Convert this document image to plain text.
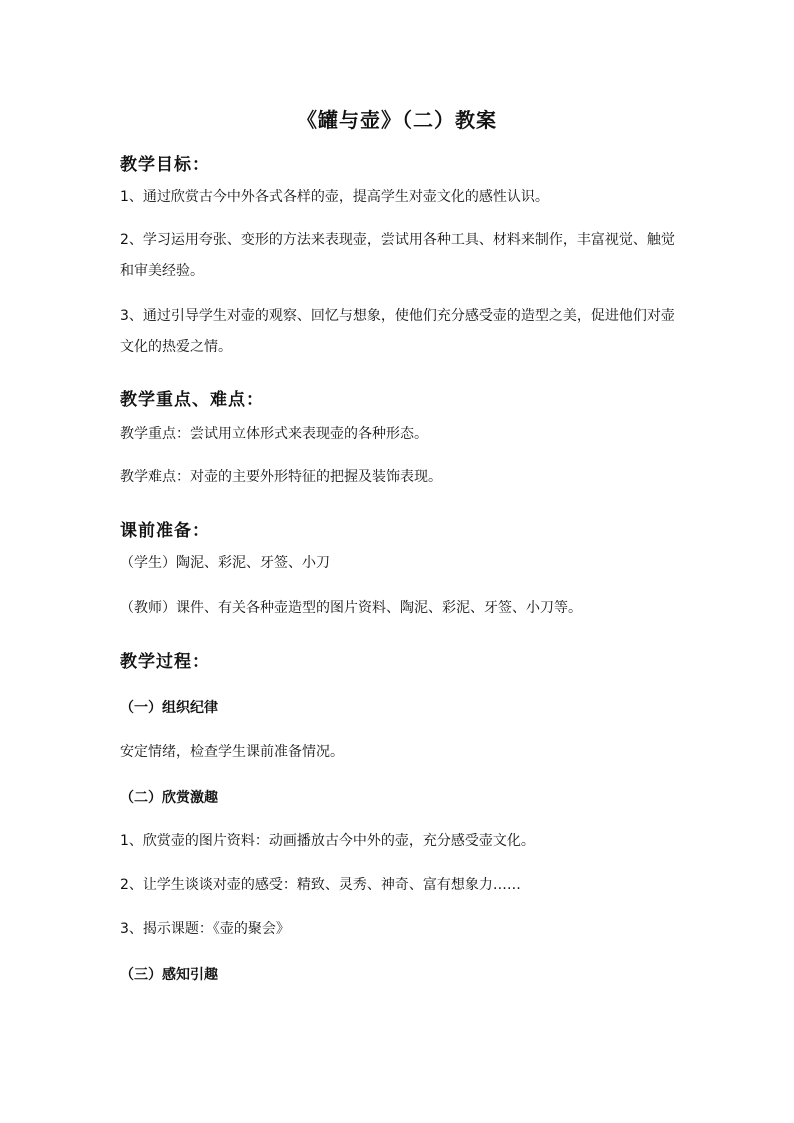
《罐与壶》（二）教案
教学目标：

1、通过欣赏古今中外各式各样的壶，提高学生对壶文化的感性认识。

2、学习运用夸张、变形的方法来表现壶，尝试用各种工具、材料来制作，丰富视觉、触觉

和审美经验。

3、通过引导学生对壶的观察、回忆与想象，使他们充分感受壶的造型之美，促进他们对壶

文化的热爱之情。

教学重点、难点：

教学重点：尝试用立体形式来表现壶的各种形态。

教学难点：对壶的主要外形特征的把握及装饰表现。

课前准备：

（学生）陶泥、彩泥、牙签、小刀

（教师）课件、有关各种壶造型的图片资料、陶泥、彩泥、牙签、小刀等。

教学过程：
（一）组织纪律

安定情绪，检查学生课前准备情况。

（二）欣赏激趣

1、欣赏壶的图片资料：动画播放古今中外的壶，充分感受壶文化。

2、让学生谈谈对壶的感受：精致、灵秀、神奇、富有想象力……

3、揭示课题：《壶的聚会》

（三）感知引趣
